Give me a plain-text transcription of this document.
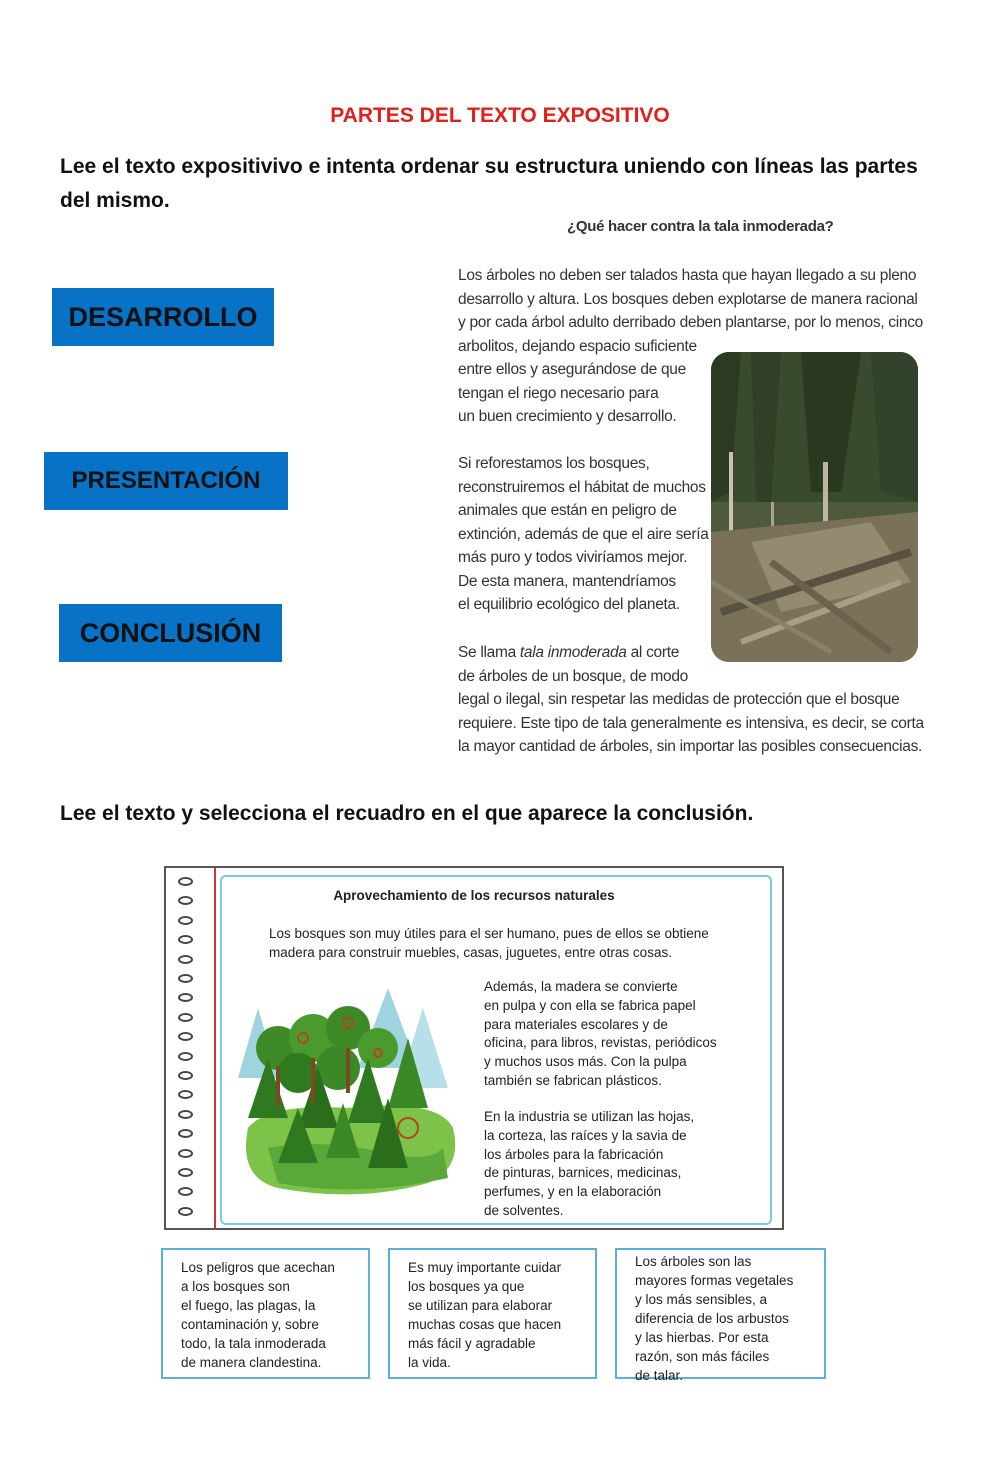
PARTES DEL TEXTO EXPOSITIVO
Lee el texto expositivivo e intenta ordenar su estructura uniendo con líneas las partes del mismo.
DESARROLLO
PRESENTACIÓN
CONCLUSIÓN
¿Qué hacer contra la tala inmoderada?
Los árboles no deben ser talados hasta que hayan llegado a su pleno
desarrollo y altura. Los bosques deben explotarse de manera racional
y por cada árbol adulto derribado deben plantarse, por lo menos, cinco
arbolitos, dejando espacio suficiente
entre ellos y asegurándose de que
tengan el riego necesario para
un buen crecimiento y desarrollo.
Si reforestamos los bosques,
reconstruiremos el hábitat de muchos
animales que están en peligro de
extinción, además de que el aire sería
más puro y todos viviríamos mejor.
De esta manera, mantendríamos
el equilibrio ecológico del planeta.
Se llama tala inmoderada al corte
de árboles de un bosque, de modo
legal o ilegal, sin respetar las medidas de protección que el bosque
requiere. Este tipo de tala generalmente es intensiva, es decir, se corta
la mayor cantidad de árboles, sin importar las posibles consecuencias.
Lee el texto y selecciona el recuadro en el que aparece la conclusión.
Aprovechamiento de los recursos naturales
Los bosques son muy útiles para el ser humano, pues de ellos se obtiene
madera para construir muebles, casas, juguetes, entre otras cosas.
Además, la madera se convierte
en pulpa y con ella se fabrica papel
para materiales escolares y de
oficina, para libros, revistas, periódicos
y muchos usos más. Con la pulpa
también se fabrican plásticos.
En la industria se utilizan las hojas,
la corteza, las raíces y la savia de
los árboles para la fabricación
de pinturas, barnices, medicinas,
perfumes, y en la elaboración
de solventes.
Los peligros que acechan
a los bosques son
el fuego, las plagas, la
contaminación y, sobre
todo, la tala inmoderada
de manera clandestina.
Es muy importante cuidar
los bosques ya que
se utilizan para elaborar
muchas cosas que hacen
más fácil y agradable
la vida.
Los árboles son las
mayores formas vegetales
y los más sensibles, a
diferencia de los arbustos
y las hierbas. Por esta
razón, son más fáciles
de talar.
